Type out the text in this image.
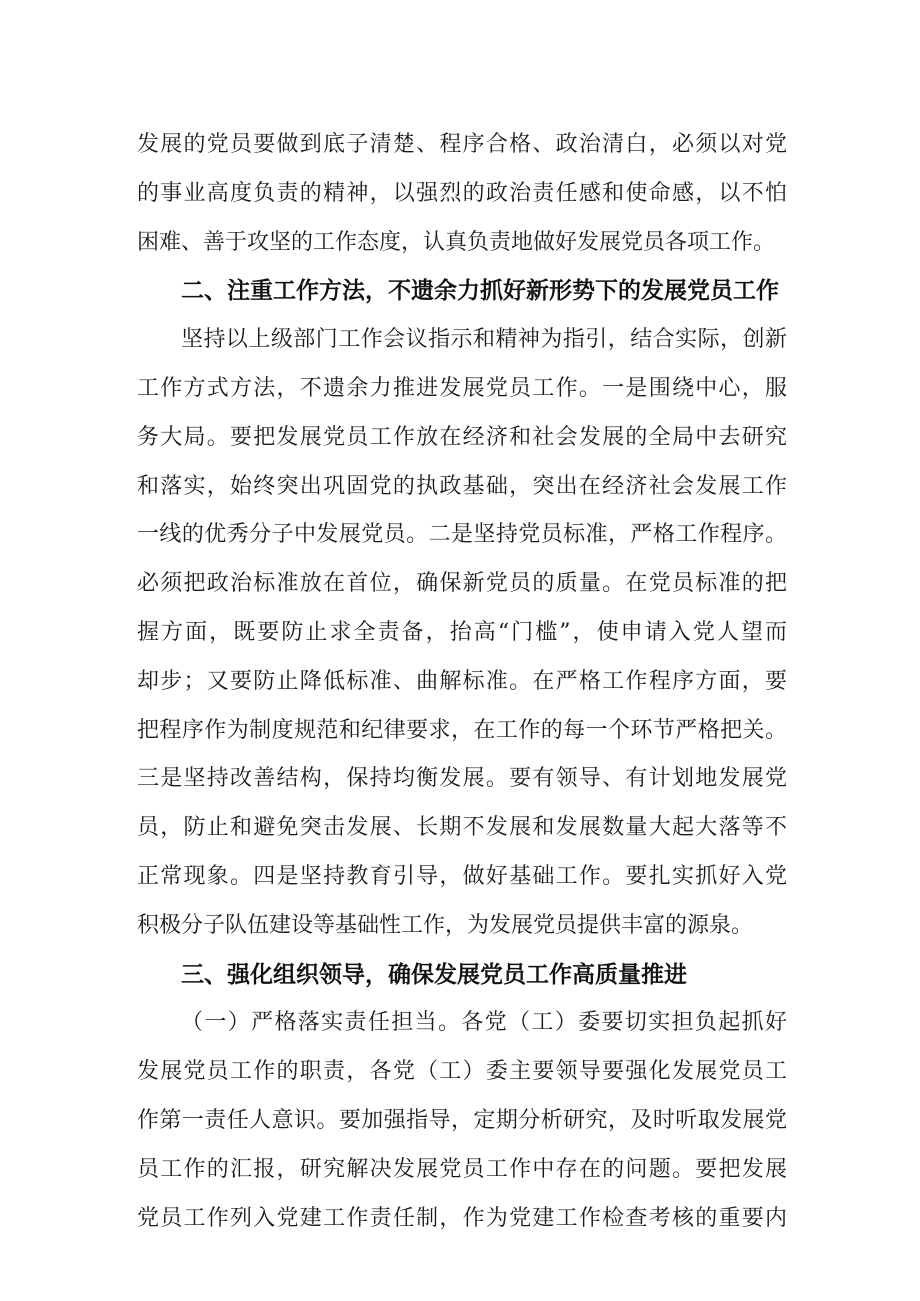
发展的党员要做到底子清楚、程序合格、政治清白，必须以对党
的事业高度负责的精神，以强烈的政治责任感和使命感，以不怕
困难、善于攻坚的工作态度，认真负责地做好发展党员各项工作。
二、注重工作方法，不遗余力抓好新形势下的发展党员工作
坚持以上级部门工作会议指示和精神为指引，结合实际，创新
工作方式方法，不遗余力推进发展党员工作。一是围绕中心，服
务大局。要把发展党员工作放在经济和社会发展的全局中去研究
和落实，始终突出巩固党的执政基础，突出在经济社会发展工作
一线的优秀分子中发展党员。二是坚持党员标准，严格工作程序。
必须把政治标准放在首位，确保新党员的质量。在党员标准的把
握方面，既要防止求全责备，抬高“门槛”，使申请入党人望而
却步；又要防止降低标准、曲解标准。在严格工作程序方面，要
把程序作为制度规范和纪律要求，在工作的每一个环节严格把关。
三是坚持改善结构，保持均衡发展。要有领导、有计划地发展党
员，防止和避免突击发展、长期不发展和发展数量大起大落等不
正常现象。四是坚持教育引导，做好基础工作。要扎实抓好入党
积极分子队伍建设等基础性工作，为发展党员提供丰富的源泉。
三、强化组织领导，确保发展党员工作高质量推进
（一）严格落实责任担当。各党（工）委要切实担负起抓好
发展党员工作的职责，各党（工）委主要领导要强化发展党员工
作第一责任人意识。要加强指导，定期分析研究，及时听取发展党
员工作的汇报，研究解决发展党员工作中存在的问题。要把发展
党员工作列入党建工作责任制，作为党建工作检查考核的重要内
